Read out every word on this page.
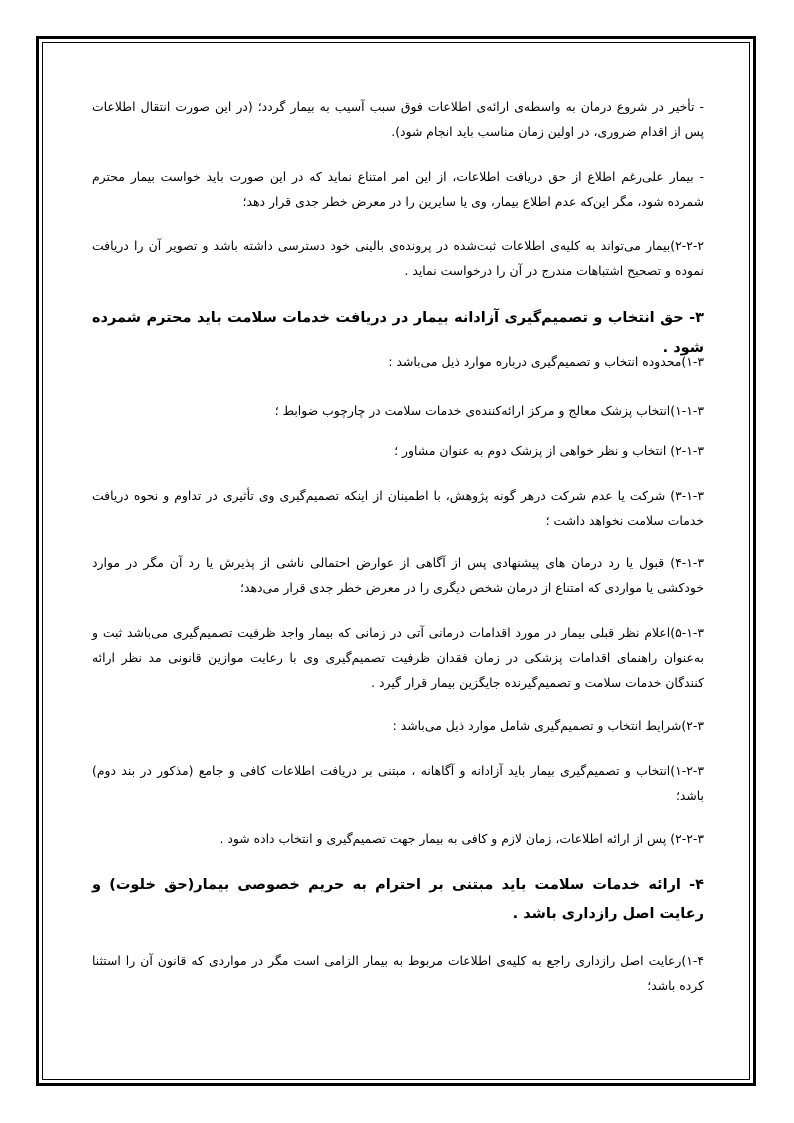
- تأخیر در شروع درمان به واسطه‌ی ارائه‌ی اطلاعات فوق سبب آسیب به بیمار گردد؛ (در این صورت انتقال اطلاعات پس از اقدام ضروری، در اولین زمان مناسب باید انجام شود).

- بیمار علی‌رغم اطلاع از حق دریافت اطلاعات، از این امر امتناع نماید که در این صورت باید خواست بیمار محترم شمرده شود، مگر این‌که عدم اطلاع بیمار، وی یا سایرین را در معرض خطر جدی قرار دهد؛

۲-۲-۲)بیمار می‌تواند به کلیه‌ی اطلاعات ثبت‌شده در پرونده‌ی بالینی خود دسترسی داشته باشد و تصویر آن را دریافت نموده و تصحیح اشتباهات مندرج در آن را درخواست نماید .

۳- حق انتخاب و تصمیم‌گیری آزادانه بیمار در دریافت خدمات سلامت باید محترم شمرده شود .

۱-۳)محدوده انتخاب و تصمیم‌گیری درباره موارد ذیل می‌باشد :

۱-۱-۳)انتخاب پزشک معالج و مرکز ارائه‌کننده‌ی خدمات سلامت در چارچوب ضوابط ؛

۲-۱-۳) انتخاب و نظر خواهی از پزشک دوم به عنوان مشاور ؛

۳-۱-۳) شرکت یا عدم شرکت درهر گونه پژوهش، با اطمینان از اینکه تصمیم‌گیری وی تأثیری در تداوم و نحوه دریافت خدمات سلامت نخواهد داشت ؛

۴-۱-۳) قبول یا رد درمان های پیشنهادی پس از آگاهی از عوارض احتمالی ناشی از پذیرش یا رد آن مگر در موارد خودکشی یا مواردی که امتناع از درمان شخص دیگری را در معرض خطر جدی قرار می‌دهد؛

۵-۱-۳)اعلام نظر قبلی بیمار در مورد اقدامات درمانی آتی در زمانی که بیمار واجد ظرفیت تصمیم‌گیری می‌باشد ثبت و به‌عنوان راهنمای اقدامات پزشکی در زمان فقدان ظرفیت تصمیم‌گیری وی با رعایت موازین قانونی مد نظر ارائه کنندگان خدمات سلامت و تصمیم‌گیرنده جایگزین بیمار قرار گیرد .

۲-۳)شرایط انتخاب و تصمیم‌گیری شامل موارد ذیل می‌باشد :

۱-۲-۳)انتخاب و تصمیم‌گیری بیمار باید آزادانه و آگاهانه ، مبتنی بر دریافت اطلاعات کافی و جامع (مذکور در بند دوم) باشد؛

۲-۲-۳) پس از ارائه اطلاعات، زمان لازم و کافی به بیمار جهت تصمیم‌گیری و انتخاب داده شود .

۴- ارائه خدمات سلامت باید مبتنی بر احترام به حریم خصوصی بیمار(حق خلوت) و رعایت اصل رازداری باشد .

۱-۴)رعایت اصل رازداری راجع به کلیه‌ی اطلاعات مربوط به بیمار الزامی است مگر در مواردی که قانون آن را استثنا کرده باشد؛
